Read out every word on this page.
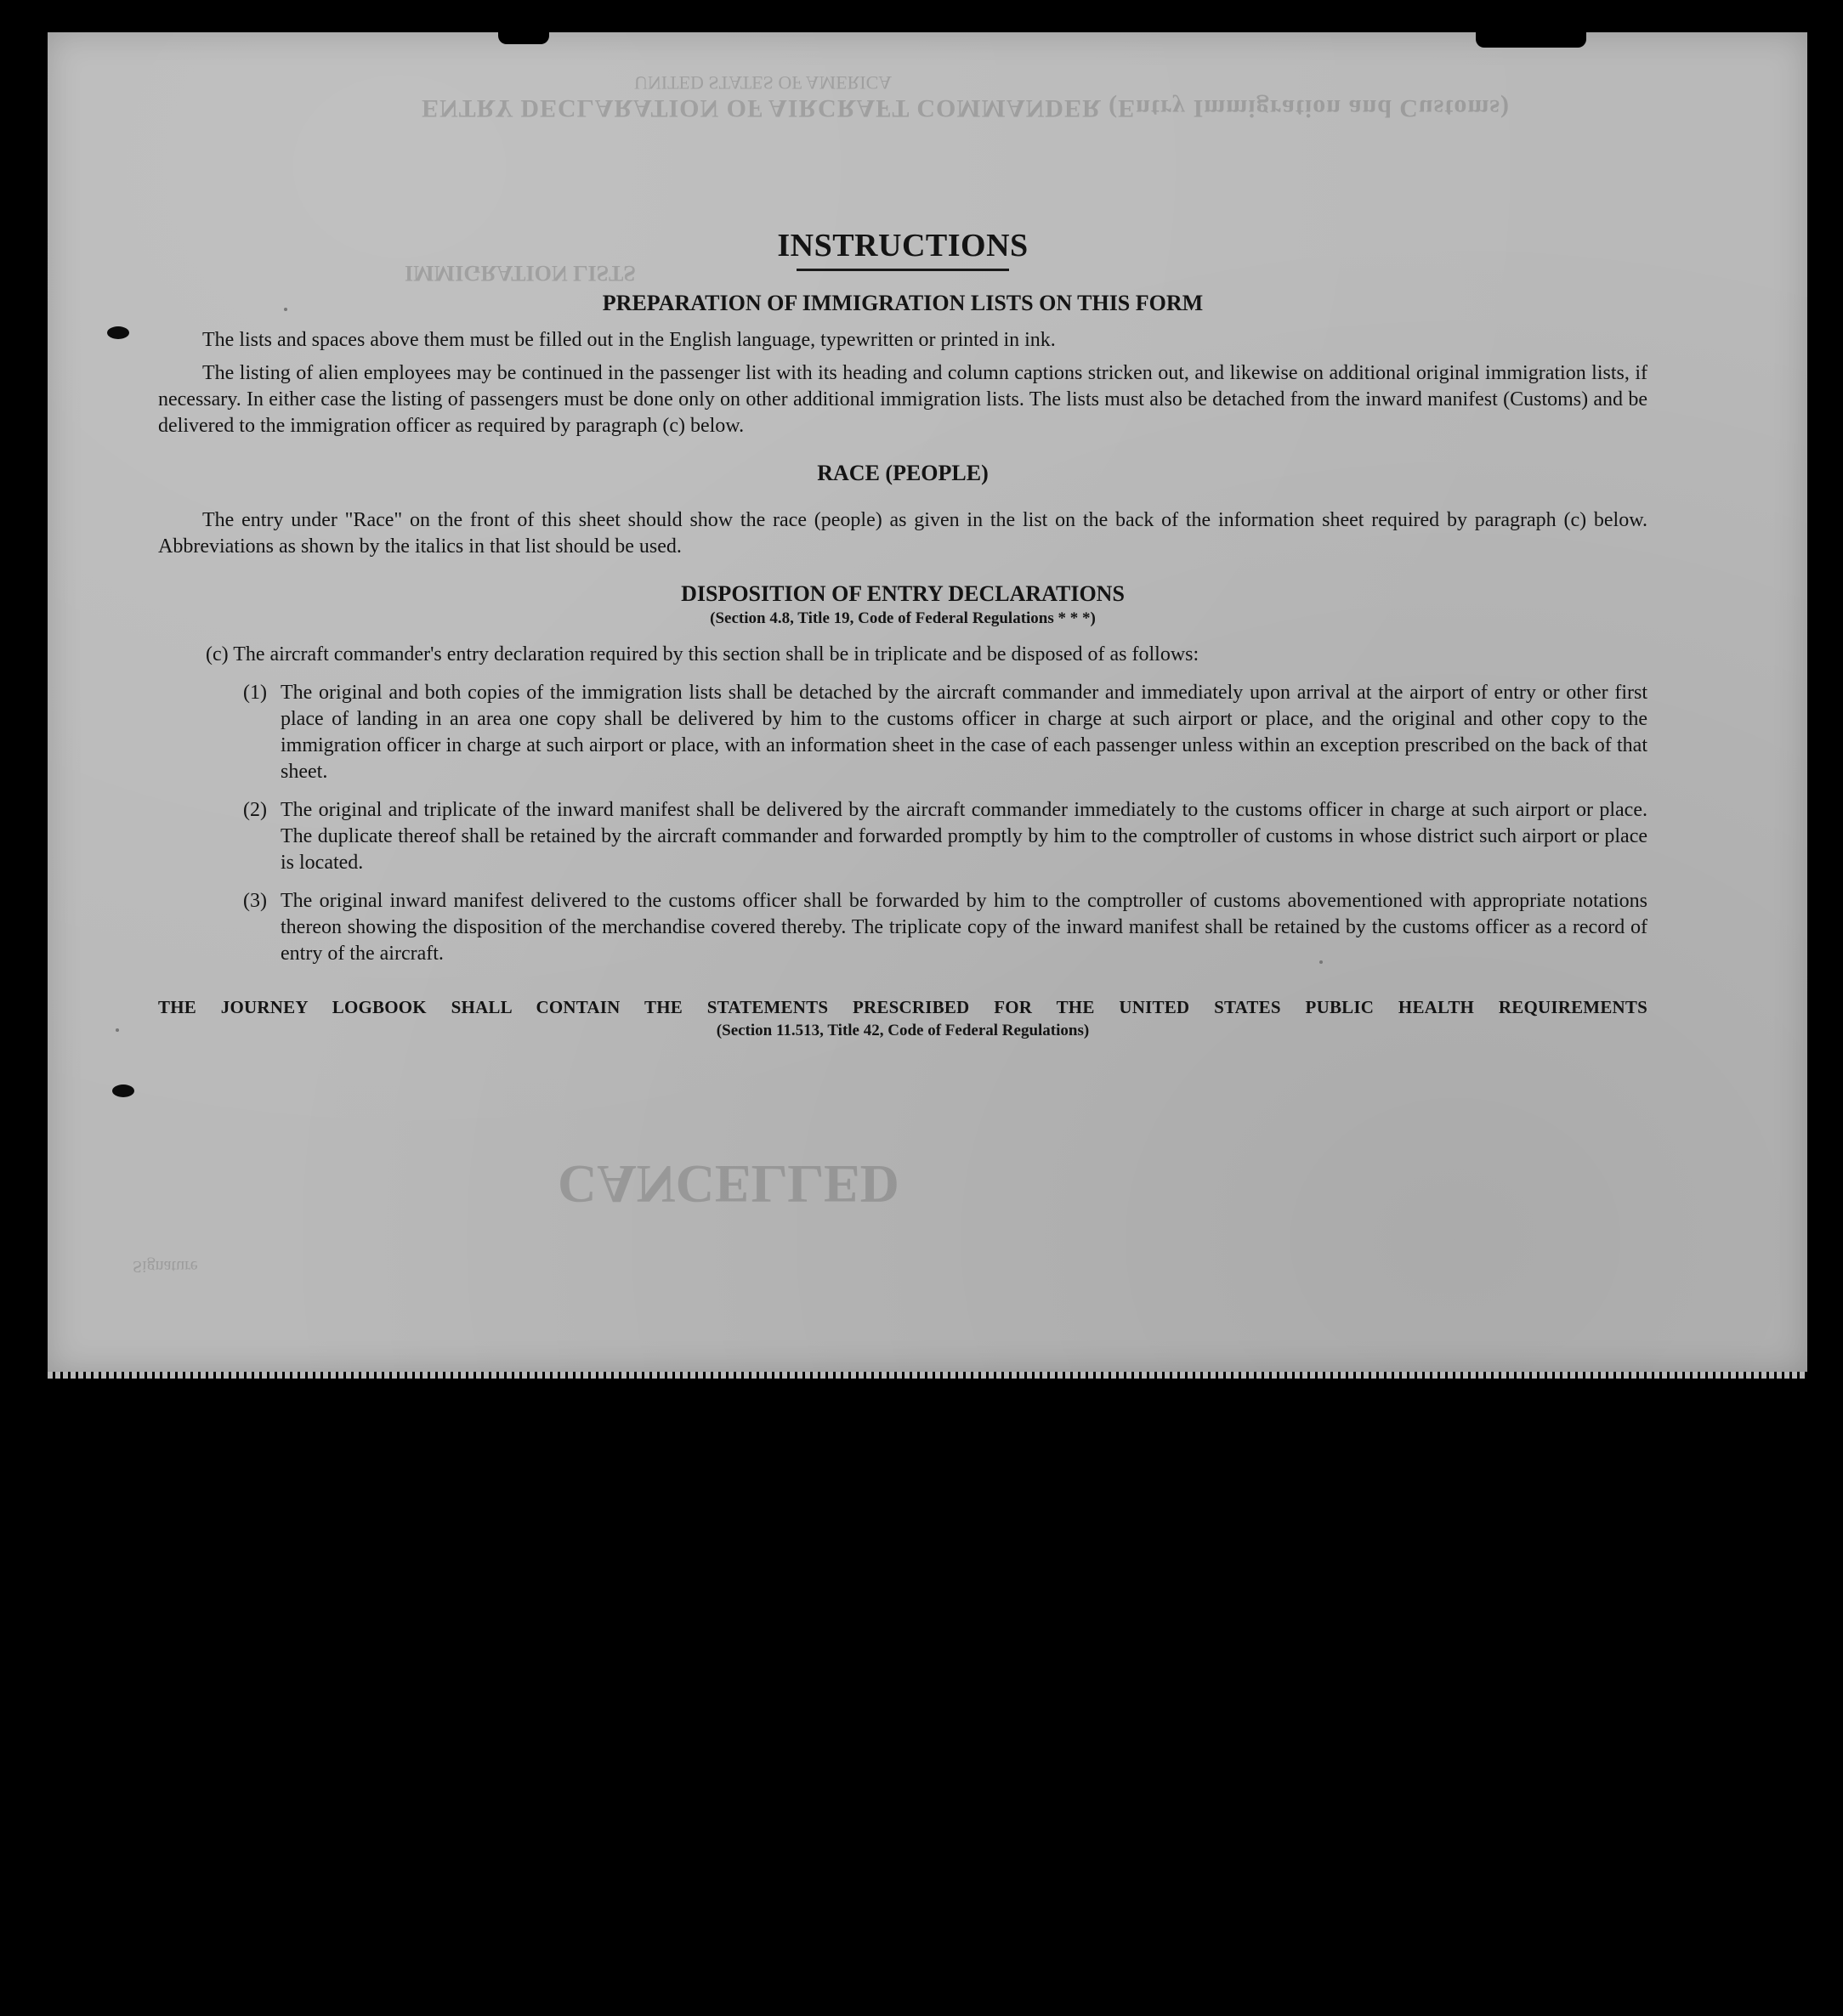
ENTRY DECLARATION OF AIRCRAFT COMMANDER (Entry Immigration and Customs)
UNITED STATES OF AMERICA
IMMIGRATION LISTS
Signature
CANCELLED
INSTRUCTIONS
PREPARATION OF IMMIGRATION LISTS ON THIS FORM

The lists and spaces above them must be filled out in the English language, typewritten or printed in ink.

The listing of alien employees may be continued in the passenger list with its heading and column captions stricken out, and likewise on additional original immigration lists, if necessary. In either case the listing of passengers must be done only on other additional immigration lists. The lists must also be detached from the inward manifest (Customs) and be delivered to the immigration officer as required by paragraph (c) below.

RACE (PEOPLE)

The entry under "Race" on the front of this sheet should show the race (people) as given in the list on the back of the information sheet required by paragraph (c) below. Abbreviations as shown by the italics in that list should be used.

DISPOSITION OF ENTRY DECLARATIONS
(Section 4.8, Title 19, Code of Federal Regulations * * *)

(c) The aircraft commander's entry declaration required by this section shall be in triplicate and be disposed of as follows:

(1) The original and both copies of the immigration lists shall be detached by the aircraft commander and immediately upon arrival at the airport of entry or other first place of landing in an area one copy shall be delivered by him to the customs officer in charge at such airport or place, and the original and other copy to the immigration officer in charge at such airport or place, with an information sheet in the case of each passenger unless within an exception prescribed on the back of that sheet.
(2) The original and triplicate of the inward manifest shall be delivered by the aircraft commander immediately to the customs officer in charge at such airport or place. The duplicate thereof shall be retained by the aircraft commander and forwarded promptly by him to the comptroller of customs in whose district such airport or place is located.
(3) The original inward manifest delivered to the customs officer shall be forwarded by him to the comptroller of customs abovementioned with appropriate notations thereon showing the disposition of the merchandise covered thereby. The triplicate copy of the inward manifest shall be retained by the customs officer as a record of entry of the aircraft.

THE JOURNEY LOGBOOK SHALL CONTAIN THE STATEMENTS PRESCRIBED FOR THE UNITED STATES PUBLIC HEALTH REQUIREMENTS

(Section 11.513, Title 42, Code of Federal Regulations)
